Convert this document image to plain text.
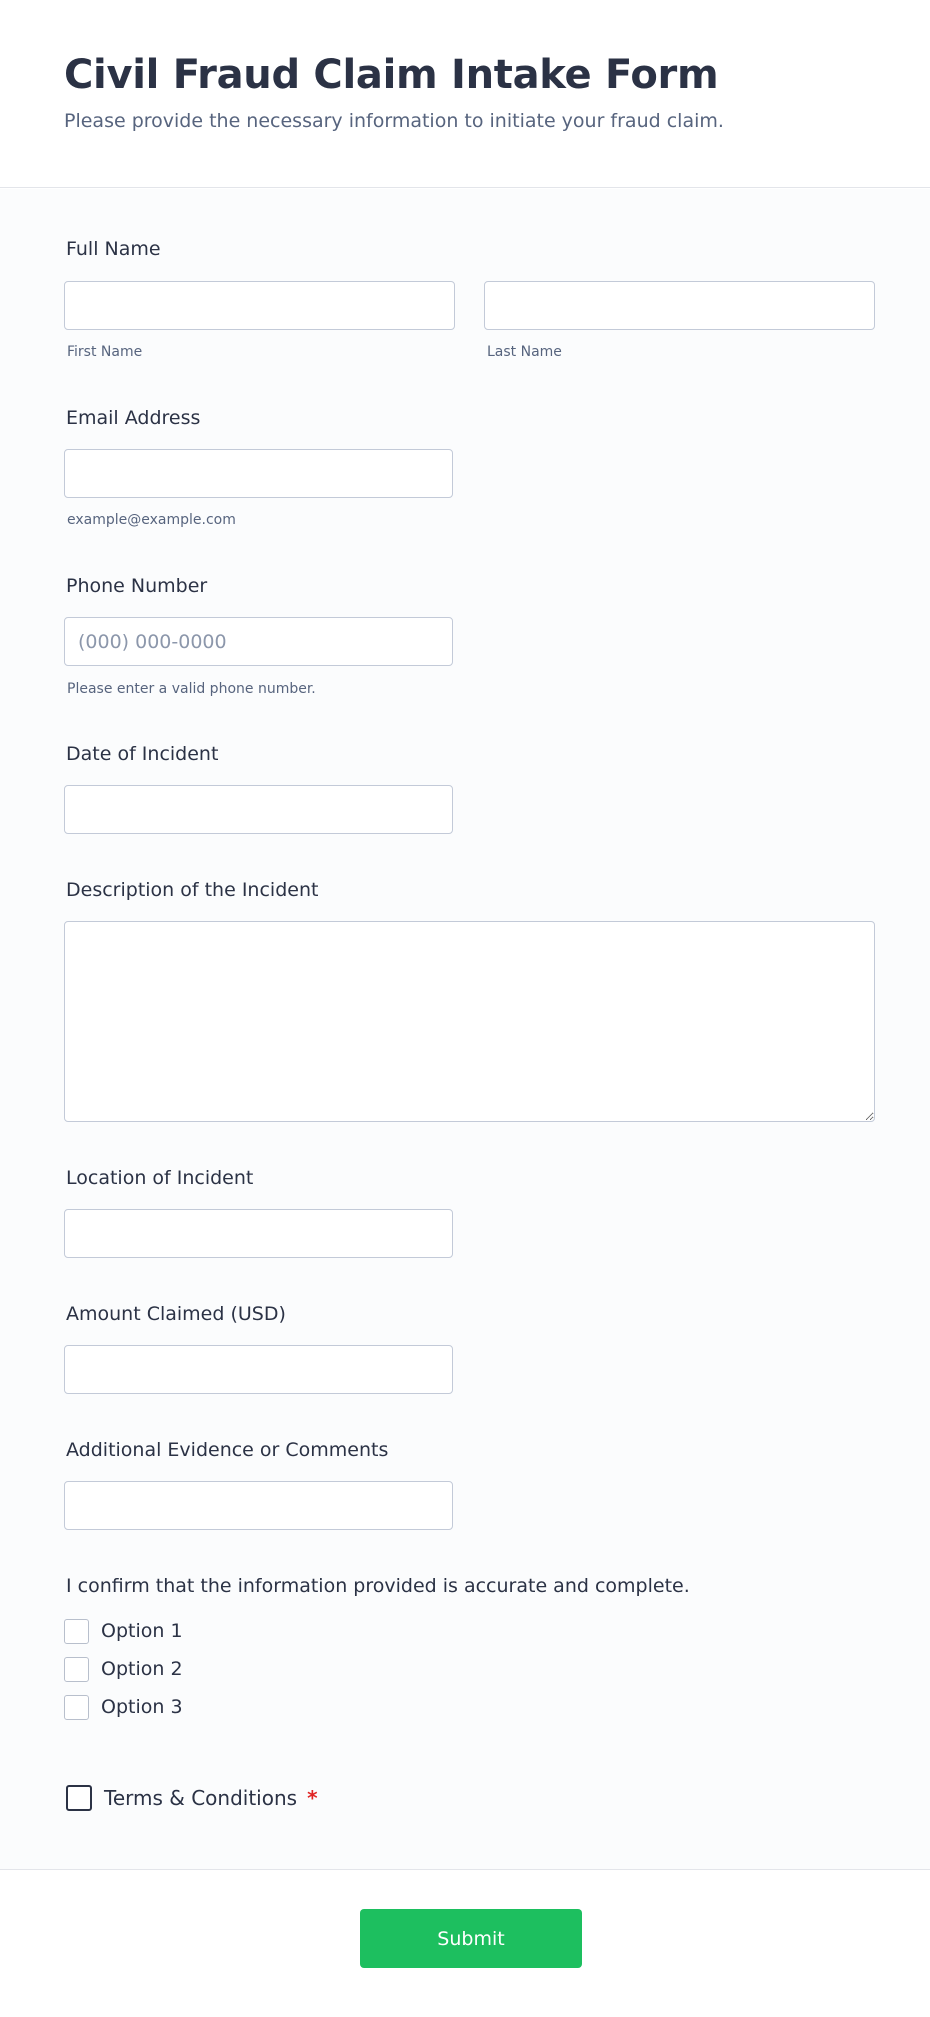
Civil Fraud Claim Intake Form
Please provide the necessary information to initiate your fraud claim.
Full Name
First Name	Last Name
Email Address
example@example.com
Phone Number
(000) 000-0000
Please enter a valid phone number.
Date of Incident
Description of the Incident
Location of Incident
Amount Claimed (USD)
Additional Evidence or Comments
I confirm that the information provided is accurate and complete.
Option 1
Option 2
Option 3
Terms & Conditions *
Submit
